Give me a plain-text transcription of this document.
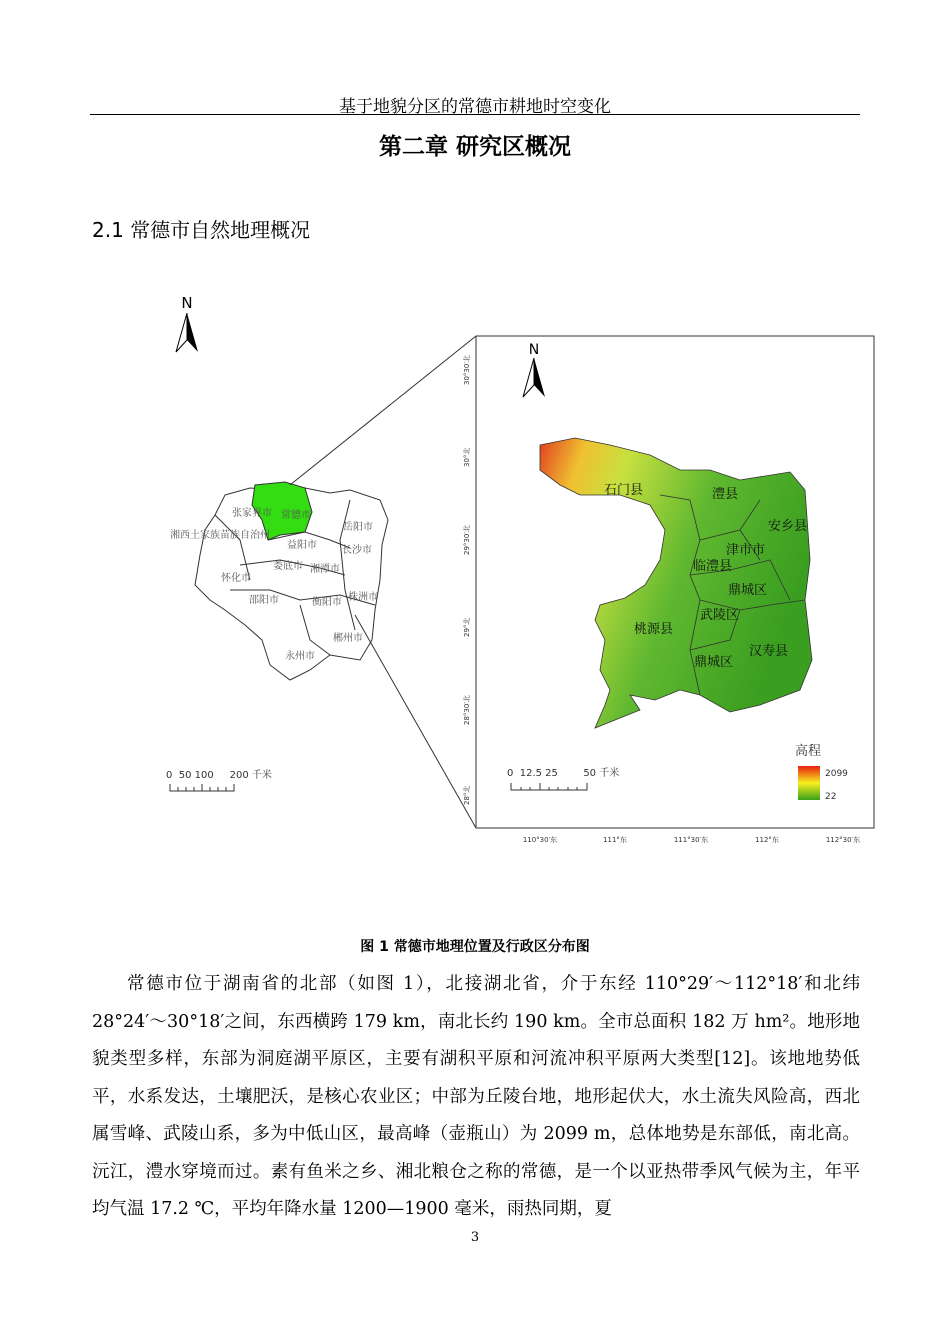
基于地貌分区的常德市耕地时空变化
第二章 研究区概况
2.1 常德市自然地理概况
N
张家界市 常德市
岳阳市
湘西土家族苗族自治州
益阳市	长沙市
娄底市 湘潭市
怀化市
邵阳市	株洲市
衡阳市
郴州市
永州市
0  50 100     200 千米
N
石门县	澧县
安乡县
津市市
临澧县
鼎城区
武陵区
桃源县
鼎城区
汉寿县
30°30′北
30°北
29°30′北
29°北
28°30′北
28°北
110°30′东	111°东	111°30′东	112°东	112°30′东
0  12.5 25        50 千米
高程
2099
22
图 1 常德市地理位置及行政区分布图

常德市位于湖南省的北部（如图 1），北接湖北省，介于东经 110°29′～112°18′和北纬 28°24′～30°18′之间，东西横跨 179 km，南北长约 190 km。全市总面积 182 万 hm²。地形地貌类型多样，东部为洞庭湖平原区，主要有湖积平原和河流冲积平原两大类型[12]。该地地势低平，水系发达，土壤肥沃，是核心农业区；中部为丘陵台地，地形起伏大，水土流失风险高，西北属雪峰、武陵山系，多为中低山区，最高峰（壶瓶山）为 2099 m，总体地势是东部低，南北高。沅江，澧水穿境而过。素有鱼米之乡、湘北粮仓之称的常德，是一个以亚热带季风气候为主，年平均气温 17.2 ℃，平均年降水量 1200—1900 毫米，雨热同期，夏

3
